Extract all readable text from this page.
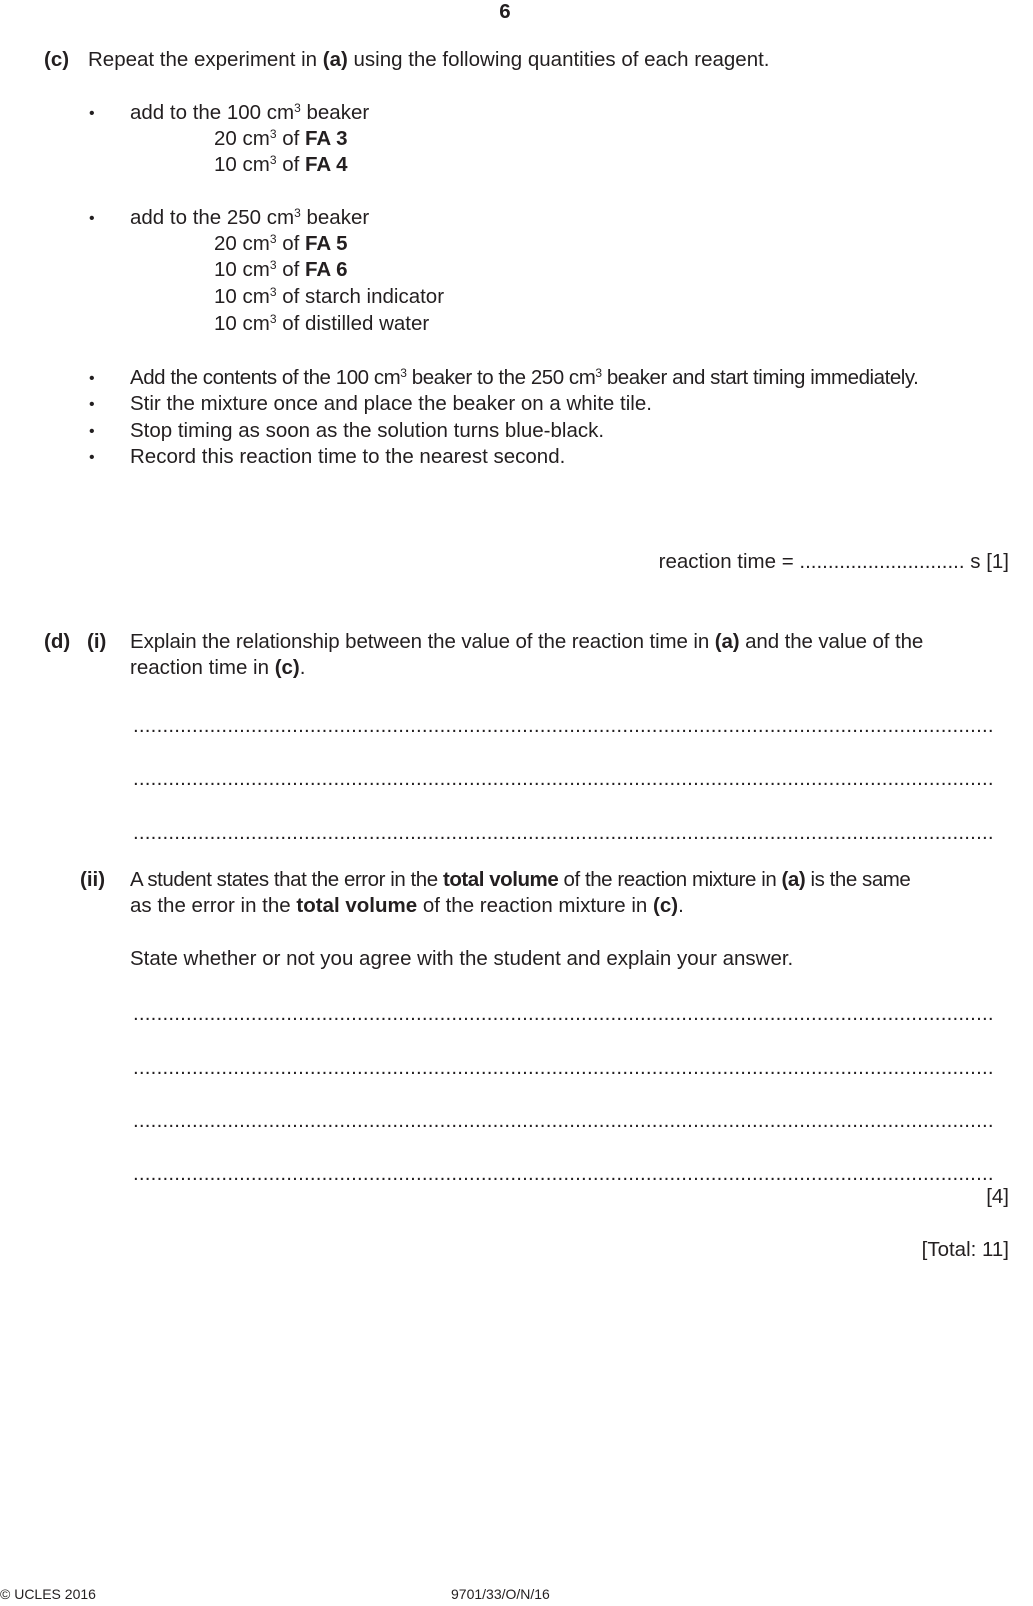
6
(c) Repeat the experiment in (a) using the following quantities of each reagent.
• add to the 100 $cm^3$ beaker
20 $cm^3$ of FA 3
10 $cm^3$ of FA 4
• add to the 250 $cm^3$ beaker
20 $cm^3$ of FA 5
10 $cm^3$ of FA 6
10 $cm^3$ of starch indicator
10 $cm^3$ of distilled water
• Add the contents of the 100 $cm^3$ beaker to the 250 $cm^3$ beaker and start timing immediately.
• Stir the mixture once and place the beaker on a white tile.
• Stop timing as soon as the solution turns blue-black.
• Record this reaction time to the nearest second.
reaction time = ............................. s [1]
(d) (i) Explain the relationship between the value of the reaction time in (a) and the value of the
reaction time in (c).
..................................................................................................................................................
..................................................................................................................................................
..................................................................................................................................................
(ii) A student states that the error in the total volume of the reaction mixture in (a) is the same
as the error in the total volume of the reaction mixture in (c).
State whether or not you agree with the student and explain your answer.
..................................................................................................................................................
..................................................................................................................................................
..................................................................................................................................................
..................................................................................................................................................
[4]
[Total: 11]
© UCLES 2016	9701/33/O/N/16
